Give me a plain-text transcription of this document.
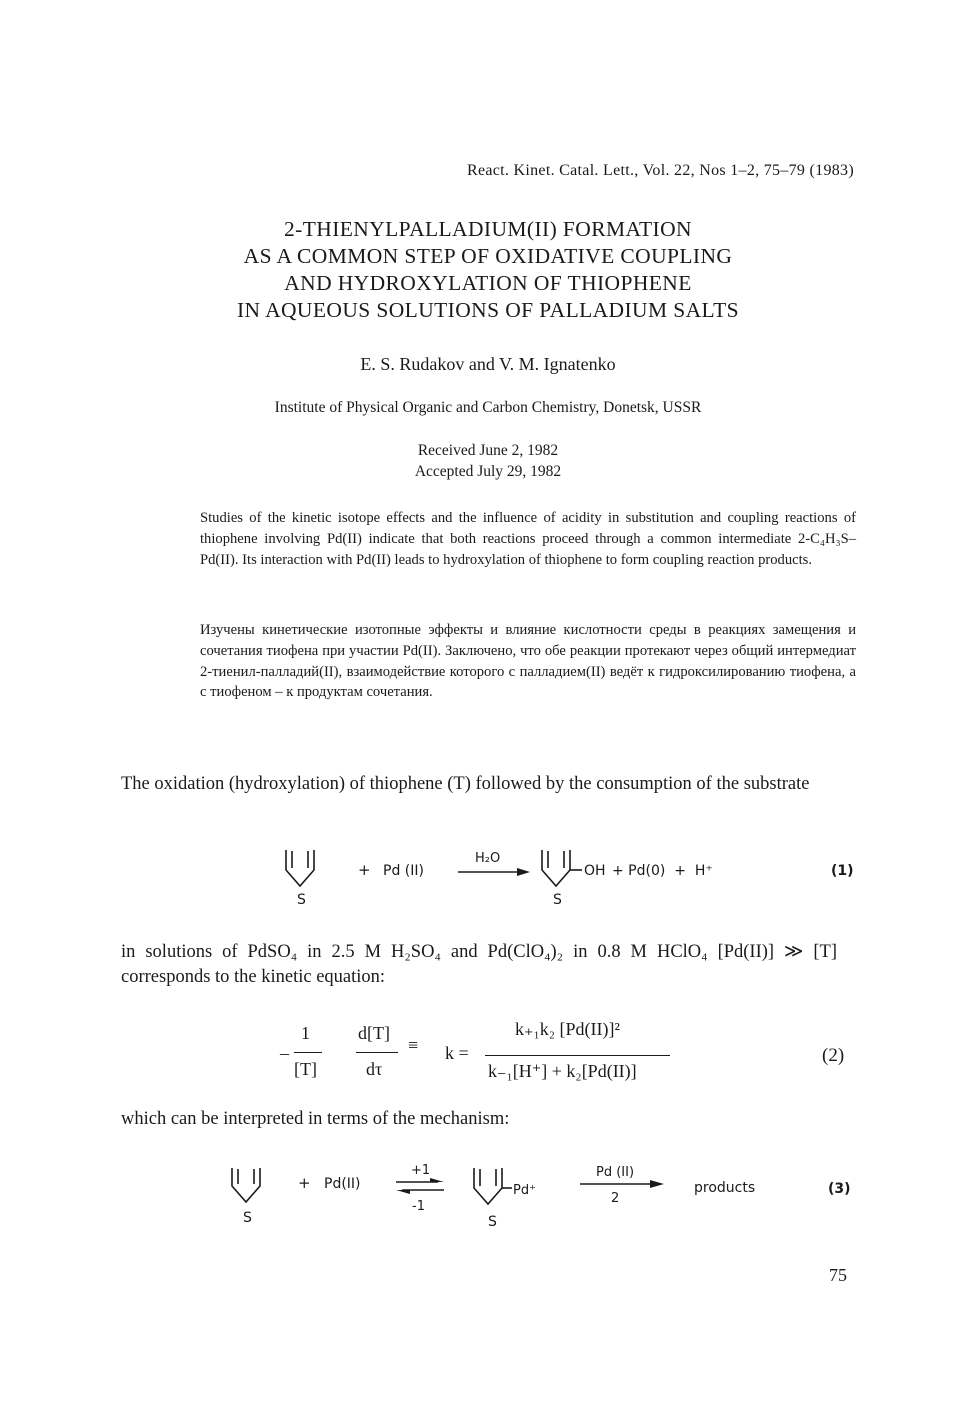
React. Kinet. Catal. Lett., Vol. 22, Nos 1–2, 75–79 (1983)
2-THIENYLPALLADIUM(II) FORMATION
AS A COMMON STEP OF OXIDATIVE COUPLING
AND HYDROXYLATION OF THIOPHENE
IN AQUEOUS SOLUTIONS OF PALLADIUM SALTS
E. S. Rudakov and V. M. Ignatenko
Institute of Physical Organic and Carbon Chemistry, Donetsk, USSR
Received June 2, 1982
Accepted July 29, 1982
Studies of the kinetic isotope effects and the influence of acidity in substitution and coupling reactions of thiophene involving Pd(II) indicate that both reactions proceed through a common intermediate 2-C₄H₃S–Pd(II). Its interaction with Pd(II) leads to hydroxylation of thiophene to form coupling reaction products.
Изучены кинетические изотопные эффекты и влияние кислотности среды в реакциях замещения и сочетания тиофена при участии Pd(II). Заключено, что обе реакции протекают через общий интермедиат 2-тиенил-палладий(II), взаимодействие которого с палладием(II) ведёт к гидроксилированию тиофена, а с тиофеном – к продуктам сочетания.
The oxidation (hydroxylation) of thiophene (T) followed by the consumption of the substrate
S
+ Pd (II)
H₂O
S
OH + Pd(0)  +  H⁺	(1)
in solutions of PdSO₄ in 2.5 M H₂SO₄ and Pd(ClO₄)₂ in 0.8 M HClO₄ [Pd(II)] ≫ [T] corresponds to the kinetic equation:
–
1
[T]
d[T]
dτ
≡ k =
k₊₁k₂ [Pd(II)]²
k₋₁[H⁺] + k₂[Pd(II)]
(2)
which can be interpreted in terms of the mechanism:
S
+ Pd(II)
+1
-1
S
Pd⁺
Pd (II)
2
products	(3)
75
